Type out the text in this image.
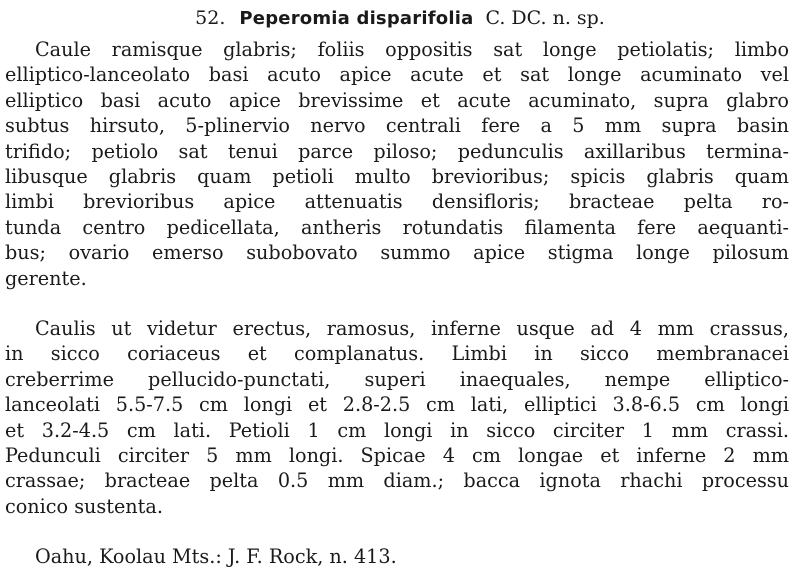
52. Peperomia disparifolia C. DC. n. sp.
Caule ramisque glabris; foliis oppositis sat longe petiolatis; limbo
elliptico-lanceolato basi acuto apice acute et sat longe acuminato vel
elliptico basi acuto apice brevissime et acute acuminato, supra glabro
subtus hirsuto, 5-plinervio nervo centrali fere a 5 mm supra basin
trifido; petiolo sat tenui parce piloso; pedunculis axillaribus termina-
libusque glabris quam petioli multo brevioribus; spicis glabris quam
limbi brevioribus apice attenuatis densifloris; bracteae pelta ro-
tunda centro pedicellata, antheris rotundatis filamenta fere aequanti-
bus; ovario emerso subobovato summo apice stigma longe pilosum
gerente.
Caulis ut videtur erectus, ramosus, inferne usque ad 4 mm crassus,
in sicco coriaceus et complanatus. Limbi in sicco membranacei
creberrime pellucido-punctati, superi inaequales, nempe elliptico-
lanceolati 5.5-7.5 cm longi et 2.8-2.5 cm lati, elliptici 3.8-6.5 cm longi
et 3.2-4.5 cm lati. Petioli 1 cm longi in sicco circiter 1 mm crassi.
Pedunculi circiter 5 mm longi. Spicae 4 cm longae et inferne 2 mm
crassae; bracteae pelta 0.5 mm diam.; bacca ignota rhachi processu
conico sustenta.
Oahu, Koolau Mts.: J. F. Rock, n. 413.
